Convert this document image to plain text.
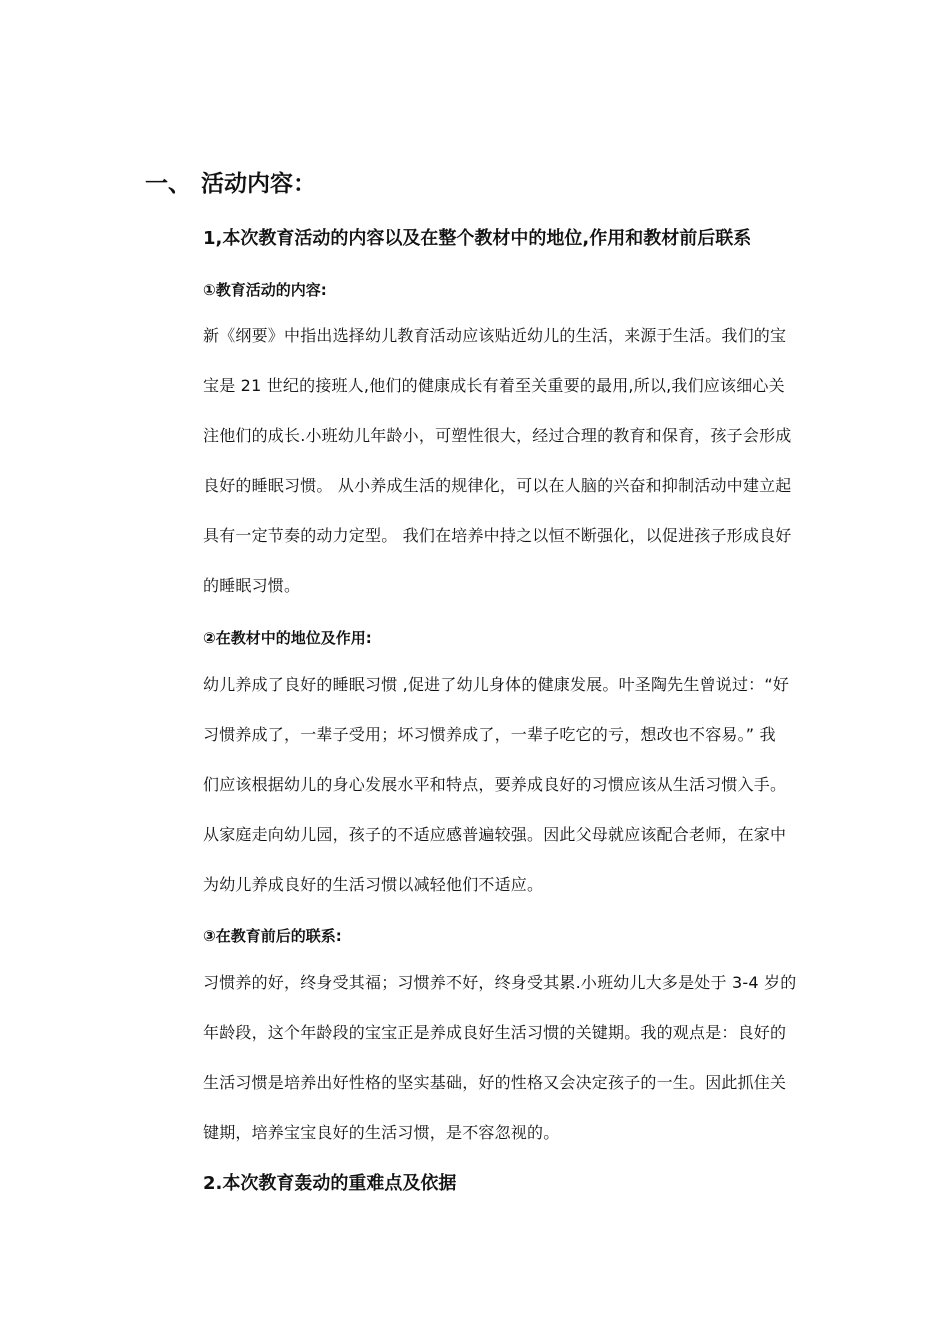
一、 活动内容：
1,本次教育活动的内容以及在整个教材中的地位,作用和教材前后联系
①教育活动的内容:
新《纲要》中指出选择幼儿教育活动应该贴近幼儿的生活，来源于生活。我们的宝
宝是 21 世纪的接班人,他们的健康成长有着至关重要的最用,所以,我们应该细心关
注他们的成长.小班幼儿年龄小，可塑性很大，经过合理的教育和保育，孩子会形成
良好的睡眠习惯。 从小养成生活的规律化，可以在人脑的兴奋和抑制活动中建立起
具有一定节奏的动力定型。 我们在培养中持之以恒不断强化，以促进孩子形成良好
的睡眠习惯。
②在教材中的地位及作用:
幼儿养成了良好的睡眠习惯 ,促进了幼儿身体的健康发展。叶圣陶先生曾说过：“好
习惯养成了，一辈子受用；坏习惯养成了，一辈子吃它的亏，想改也不容易。” 我
们应该根据幼儿的身心发展水平和特点，要养成良好的习惯应该从生活习惯入手。
从家庭走向幼儿园，孩子的不适应感普遍较强。因此父母就应该配合老师，在家中
为幼儿养成良好的生活习惯以减轻他们不适应。
③在教育前后的联系:
习惯养的好，终身受其福；习惯养不好，终身受其累.小班幼儿大多是处于 3-4 岁的
年龄段，这个年龄段的宝宝正是养成良好生活习惯的关键期。我的观点是：良好的
生活习惯是培养出好性格的坚实基础，好的性格又会决定孩子的一生。因此抓住关
键期，培养宝宝良好的生活习惯，是不容忽视的。
2.本次教育轰动的重难点及依据
